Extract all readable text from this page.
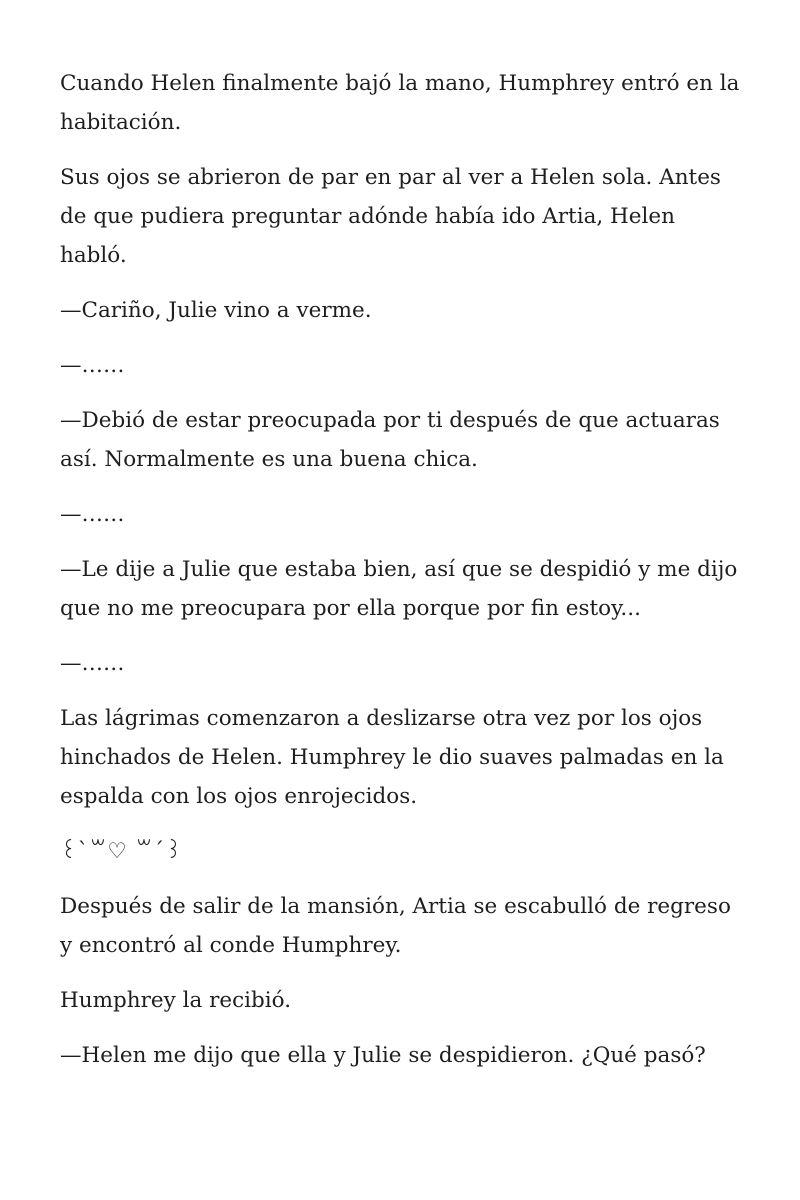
Cuando Helen finalmente bajó la mano, Humphrey entró en la habitación.

Sus ojos se abrieron de par en par al ver a Helen sola. Antes de que pudiera preguntar adónde había ido Artia, Helen habló.

—Cariño, Julie vino a verme.

—……

—Debió de estar preocupada por ti después de que actuaras así. Normalmente es una buena chica.

—……

—Le dije a Julie que estaba bien, así que se despidió y me dijo que no me preocupara por ella porque por fin estoy...

—……

Las lágrimas comenzaron a deslizarse otra vez por los ojos hinchados de Helen. Humphrey le dio suaves palmadas en la espalda con los ojos enrojecidos.

꒰`꒳♡ ꒳´꒱

Después de salir de la mansión, Artia se escabulló de regreso y encontró al conde Humphrey.

Humphrey la recibió.

—Helen me dijo que ella y Julie se despidieron. ¿Qué pasó?
